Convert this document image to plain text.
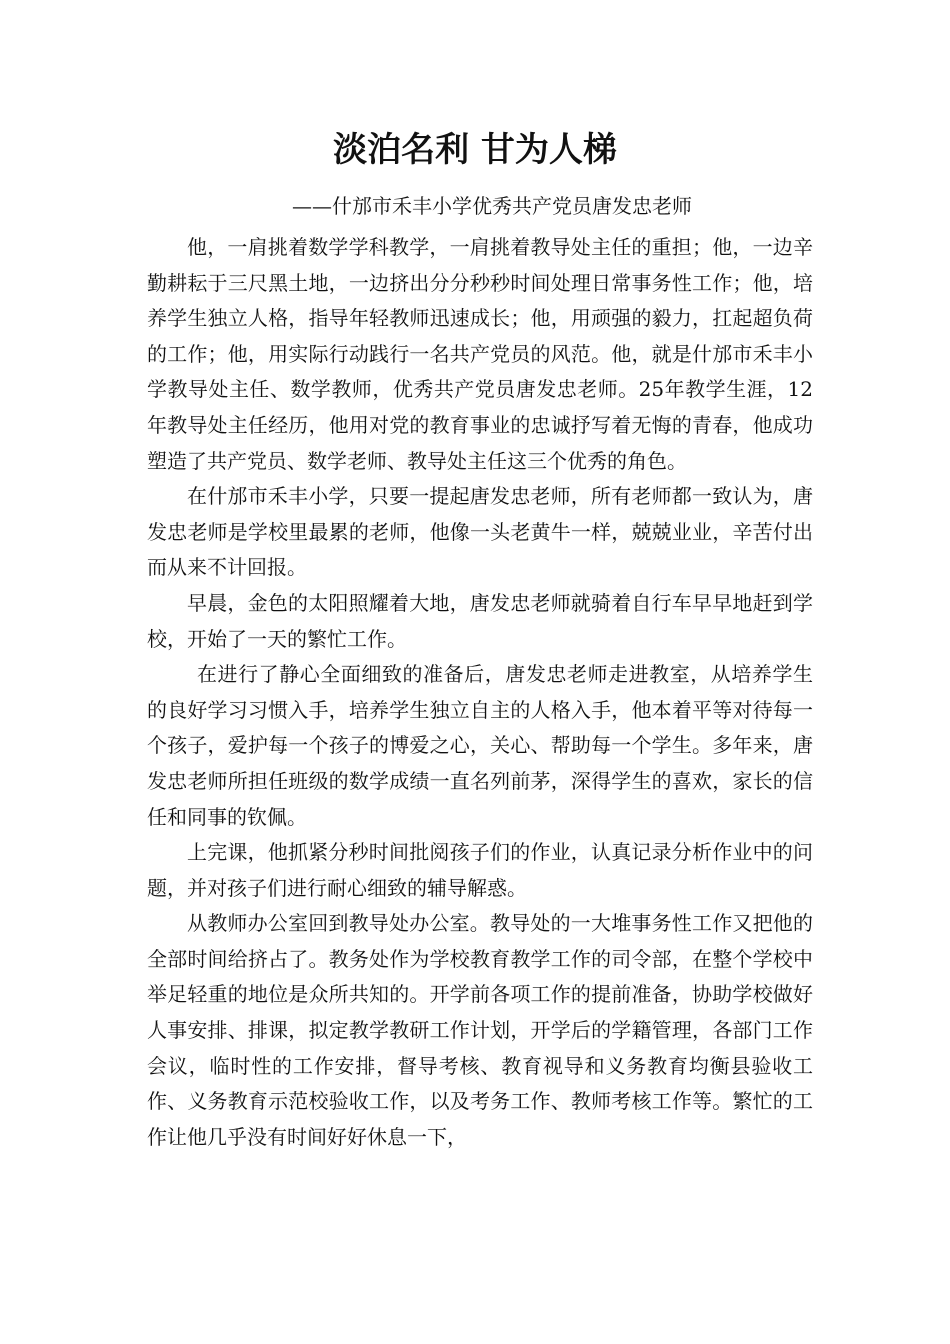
淡泊名利 甘为人梯
——什邡市禾丰小学优秀共产党员唐发忠老师

他，一肩挑着数学学科教学，一肩挑着教导处主任的重担；他，一边辛勤耕耘于三尺黑土地，一边挤出分分秒秒时间处理日常事务性工作；他，培养学生独立人格，指导年轻教师迅速成长；他，用顽强的毅力，扛起超负荷的工作；他，用实际行动践行一名共产党员的风范。他，就是什邡市禾丰小学教导处主任、数学教师，优秀共产党员唐发忠老师。25年教学生涯，12年教导处主任经历，他用对党的教育事业的忠诚抒写着无悔的青春，他成功塑造了共产党员、数学老师、教导处主任这三个优秀的角色。

在什邡市禾丰小学，只要一提起唐发忠老师，所有老师都一致认为，唐发忠老师是学校里最累的老师，他像一头老黄牛一样，兢兢业业，辛苦付出而从来不计回报。

早晨，金色的太阳照耀着大地，唐发忠老师就骑着自行车早早地赶到学校，开始了一天的繁忙工作。

在进行了静心全面细致的准备后，唐发忠老师走进教室，从培养学生的良好学习习惯入手，培养学生独立自主的人格入手，他本着平等对待每一个孩子，爱护每一个孩子的博爱之心，关心、帮助每一个学生。多年来，唐发忠老师所担任班级的数学成绩一直名列前茅，深得学生的喜欢，家长的信任和同事的钦佩。

上完课，他抓紧分秒时间批阅孩子们的作业，认真记录分析作业中的问题，并对孩子们进行耐心细致的辅导解惑。

从教师办公室回到教导处办公室。教导处的一大堆事务性工作又把他的全部时间给挤占了。教务处作为学校教育教学工作的司令部，在整个学校中举足轻重的地位是众所共知的。开学前各项工作的提前准备，协助学校做好人事安排、排课，拟定教学教研工作计划，开学后的学籍管理，各部门工作会议，临时性的工作安排，督导考核、教育视导和义务教育均衡县验收工作、义务教育示范校验收工作，以及考务工作、教师考核工作等。繁忙的工作让他几乎没有时间好好休息一下，
